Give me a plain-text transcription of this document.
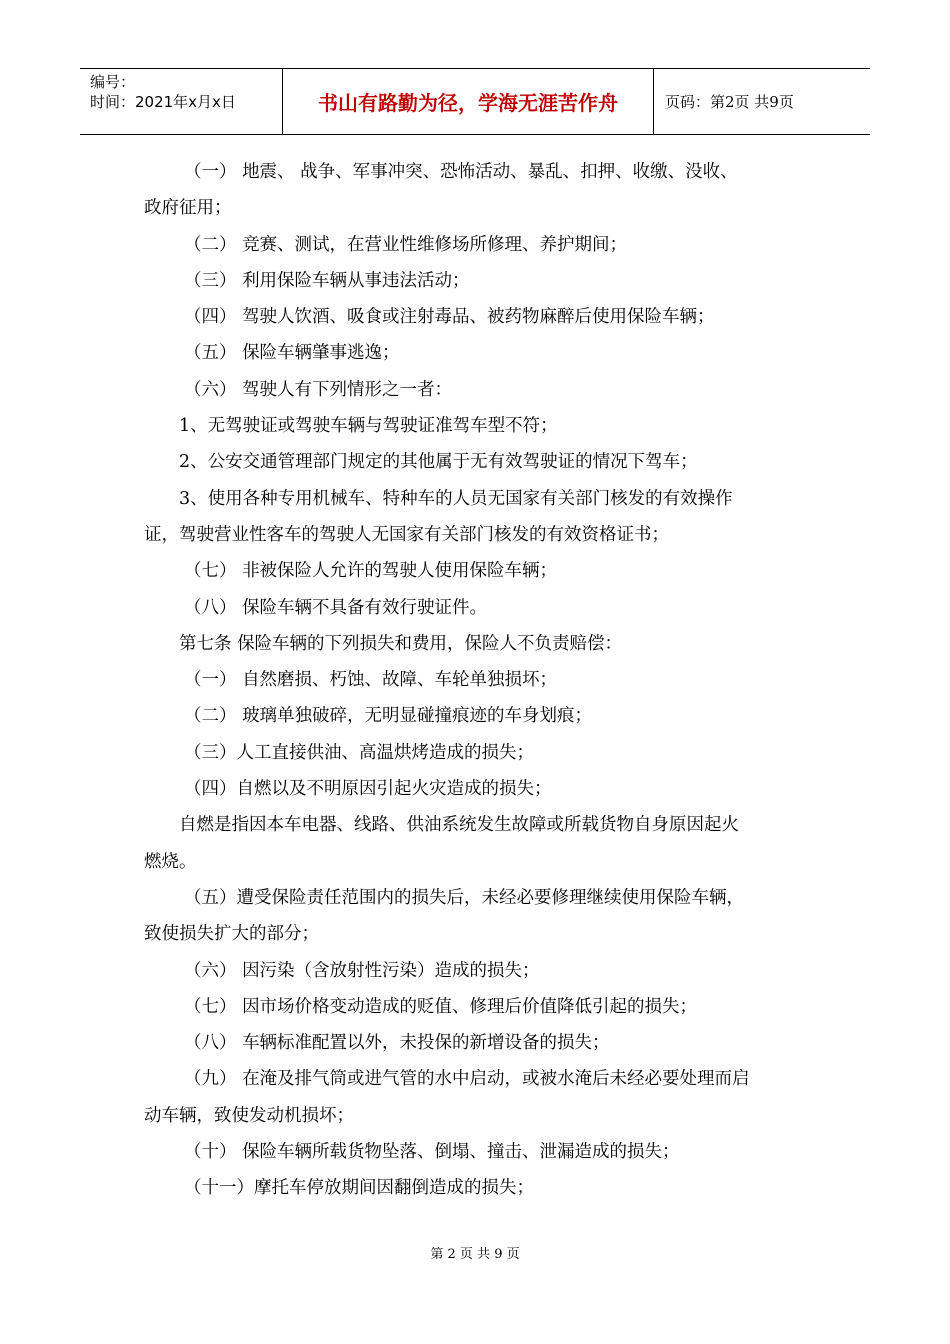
编号：
时间：2021年x月x日	书山有路勤为径，学海无涯苦作舟	页码：第2页 共9页
（一） 地震、 战争、军事冲突、恐怖活动、暴乱、扣押、收缴、没收、
政府征用；
（二） 竞赛、测试，在营业性维修场所修理、养护期间；
（三） 利用保险车辆从事违法活动；
（四） 驾驶人饮酒、吸食或注射毒品、被药物麻醉后使用保险车辆；
（五） 保险车辆肇事逃逸；
（六） 驾驶人有下列情形之一者：
1、无驾驶证或驾驶车辆与驾驶证准驾车型不符；
2、公安交通管理部门规定的其他属于无有效驾驶证的情况下驾车；
3、使用各种专用机械车、特种车的人员无国家有关部门核发的有效操作
证，驾驶营业性客车的驾驶人无国家有关部门核发的有效资格证书；
（七） 非被保险人允许的驾驶人使用保险车辆；
（八） 保险车辆不具备有效行驶证件。
第七条 保险车辆的下列损失和费用，保险人不负责赔偿：
（一） 自然磨损、朽蚀、故障、车轮单独损坏；
（二） 玻璃单独破碎，无明显碰撞痕迹的车身划痕；
（三）人工直接供油、高温烘烤造成的损失；
（四）自燃以及不明原因引起火灾造成的损失；
自燃是指因本车电器、线路、供油系统发生故障或所载货物自身原因起火
燃烧。
（五）遭受保险责任范围内的损失后，未经必要修理继续使用保险车辆，
致使损失扩大的部分；
（六） 因污染（含放射性污染）造成的损失；
（七） 因市场价格变动造成的贬值、修理后价值降低引起的损失；
（八） 车辆标准配置以外，未投保的新增设备的损失；
（九） 在淹及排气筒或进气管的水中启动，或被水淹后未经必要处理而启
动车辆，致使发动机损坏；
（十） 保险车辆所载货物坠落、倒塌、撞击、泄漏造成的损失；
（十一）摩托车停放期间因翻倒造成的损失；
第 2 页 共 9 页
